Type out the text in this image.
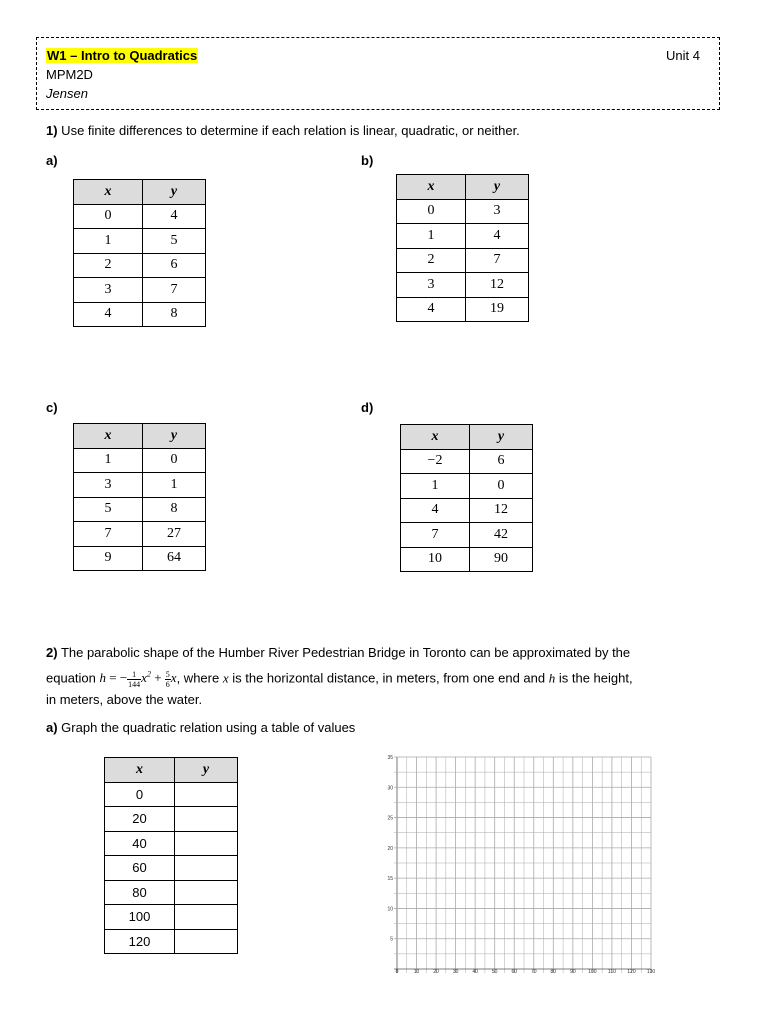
W1 – Intro to Quadratics	Unit 4
MPM2D
Jensen
1) Use finite differences to determine if each relation is linear, quadratic, or neither.
a)	b)
c)	d)
x	y
0	4
1	5
2	6
3	7
4	8
x	y
0	3
1	4
2	7
3	12
4	19
x	y
1	0
3	1
5	8
7	27
9	64
x	y
−2	6
1	0
4	12
7	42
10	90
2) The parabolic shape of the Humber River Pedestrian Bridge in Toronto can be approximated by the
equation h = − $\frac{1}{144} x^2 + \frac{5}{6} x$, where x is the horizontal distance, in meters, from one end and h is the height,
in meters, above the water.
a) Graph the quadratic relation using a table of values
x	y
0	
20	
40	
60	
80	
100	
120	
35
30
25
20
15
10
5
0	10	20	30	40	50	60	70	80	90	100 110 120 130
